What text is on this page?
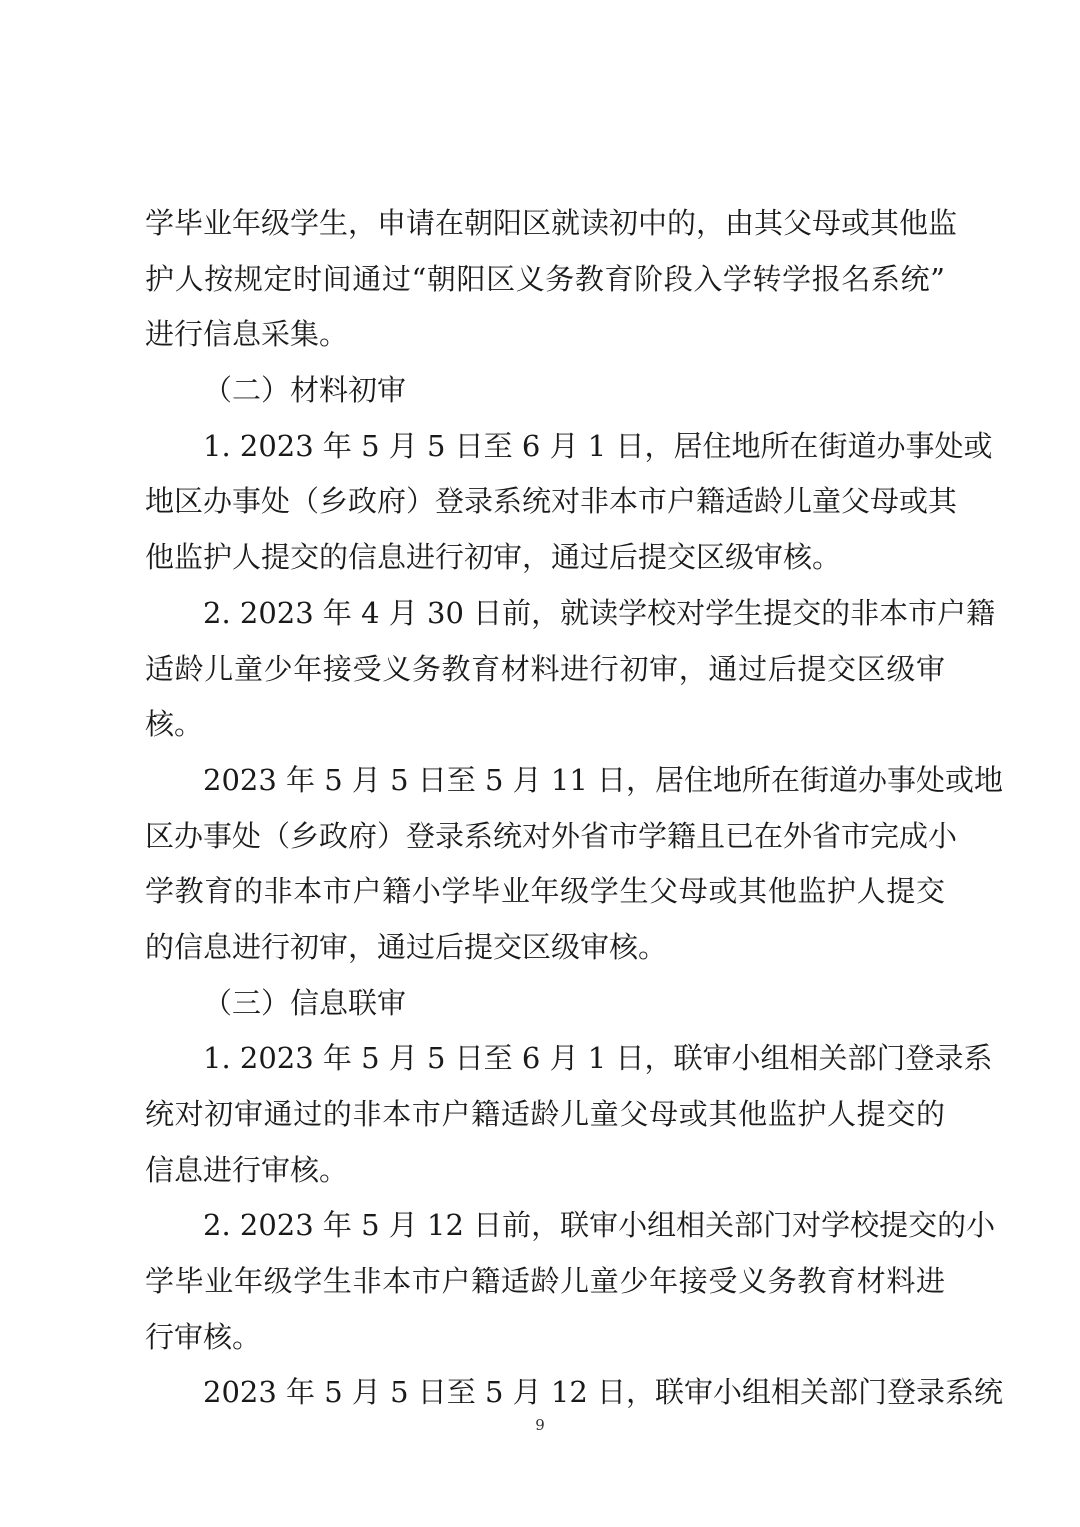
学毕业年级学生，申请在朝阳区就读初中的，由其父母或其他监
护人按规定时间通过“朝阳区义务教育阶段入学转学报名系统”
进行信息采集。
（二）材料初审
1. 2023 年 5 月 5 日至 6 月 1 日，居住地所在街道办事处或
地区办事处（乡政府）登录系统对非本市户籍适龄儿童父母或其
他监护人提交的信息进行初审，通过后提交区级审核。
2. 2023 年 4 月 30 日前，就读学校对学生提交的非本市户籍
适龄儿童少年接受义务教育材料进行初审，通过后提交区级审
核。
2023 年 5 月 5 日至 5 月 11 日，居住地所在街道办事处或地
区办事处（乡政府）登录系统对外省市学籍且已在外省市完成小
学教育的非本市户籍小学毕业年级学生父母或其他监护人提交
的信息进行初审，通过后提交区级审核。
（三）信息联审
1. 2023 年 5 月 5 日至 6 月 1 日，联审小组相关部门登录系
统对初审通过的非本市户籍适龄儿童父母或其他监护人提交的
信息进行审核。
2. 2023 年 5 月 12 日前，联审小组相关部门对学校提交的小
学毕业年级学生非本市户籍适龄儿童少年接受义务教育材料进
行审核。
2023 年 5 月 5 日至 5 月 12 日，联审小组相关部门登录系统
9
